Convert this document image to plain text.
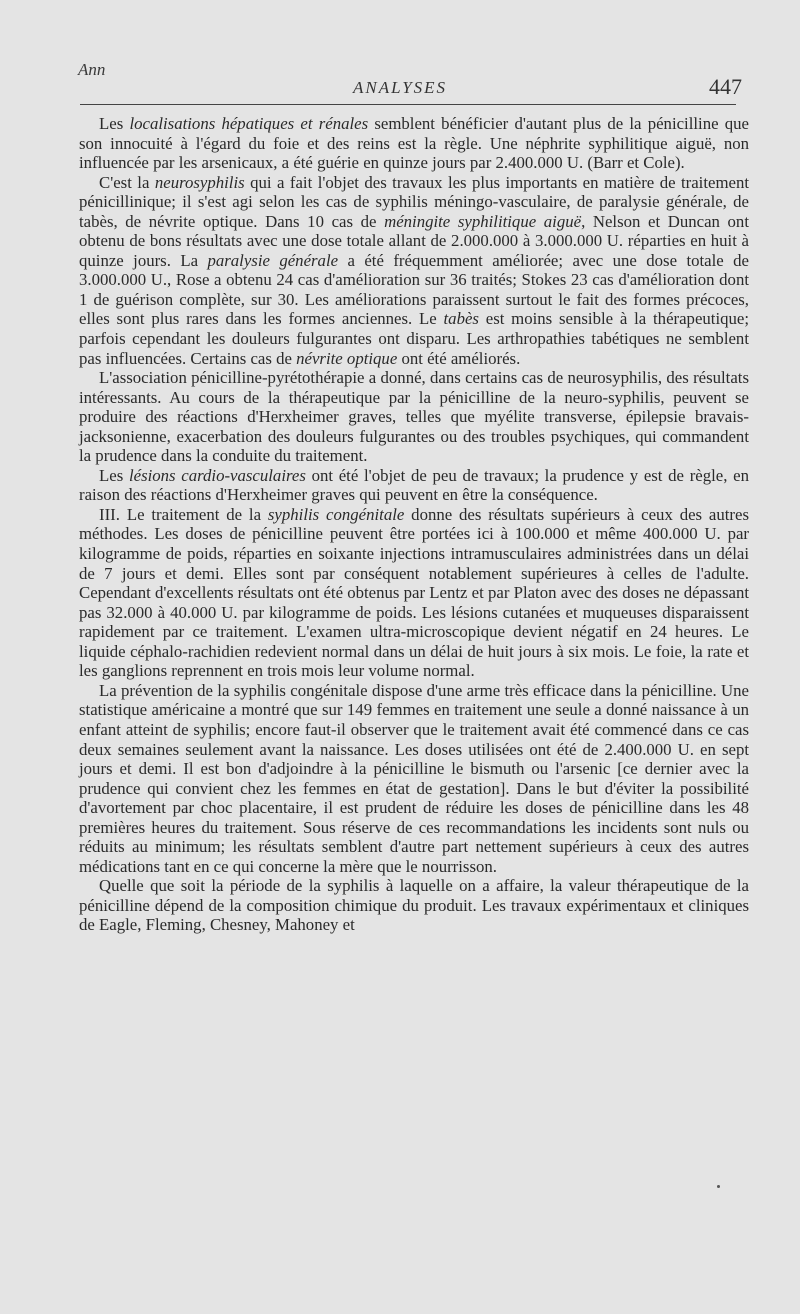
Ann
ANALYSES	447

Les localisations hépatiques et rénales semblent bénéficier d'autant plus de la pénicilline que son innocuité à l'égard du foie et des reins est la règle. Une néphrite syphilitique aiguë, non influencée par les arsenicaux, a été guérie en quinze jours par 2.400.000 U. (Barr et Cole).

C'est la neurosyphilis qui a fait l'objet des travaux les plus importants en matière de traitement pénicillinique; il s'est agi selon les cas de syphilis méningo-vasculaire, de paralysie générale, de tabès, de névrite optique. Dans 10 cas de méningite syphilitique aiguë, Nelson et Duncan ont obtenu de bons résultats avec une dose totale allant de 2.000.000 à 3.000.000 U. réparties en huit à quinze jours. La paralysie générale a été fréquemment améliorée; avec une dose totale de 3.000.000 U., Rose a obtenu 24 cas d'amélioration sur 36 traités; Stokes 23 cas d'amélioration dont 1 de guérison complète, sur 30. Les améliorations paraissent surtout le fait des formes précoces, elles sont plus rares dans les formes anciennes. Le tabès est moins sensible à la thérapeutique; parfois cependant les douleurs fulgurantes ont disparu. Les arthropathies tabétiques ne semblent pas influencées. Certains cas de névrite optique ont été améliorés.

L'association pénicilline-pyrétothérapie a donné, dans certains cas de neurosyphilis, des résultats intéressants. Au cours de la thérapeutique par la pénicilline de la neuro-syphilis, peuvent se produire des réactions d'Herxheimer graves, telles que myélite transverse, épilepsie bravais-jacksonienne, exacerbation des douleurs fulgurantes ou des troubles psychiques, qui commandent la prudence dans la conduite du traitement.

Les lésions cardio-vasculaires ont été l'objet de peu de travaux; la prudence y est de règle, en raison des réactions d'Herxheimer graves qui peuvent en être la conséquence.

III. Le traitement de la syphilis congénitale donne des résultats supérieurs à ceux des autres méthodes. Les doses de pénicilline peuvent être portées ici à 100.000 et même 400.000 U. par kilogramme de poids, réparties en soixante injections intramusculaires administrées dans un délai de 7 jours et demi. Elles sont par conséquent notablement supérieures à celles de l'adulte. Cependant d'excellents résultats ont été obtenus par Lentz et par Platon avec des doses ne dépassant pas 32.000 à 40.000 U. par kilogramme de poids. Les lésions cutanées et muqueuses disparaissent rapidement par ce traitement. L'examen ultra-microscopique devient négatif en 24 heures. Le liquide céphalo-rachidien redevient normal dans un délai de huit jours à six mois. Le foie, la rate et les ganglions reprennent en trois mois leur volume normal.

La prévention de la syphilis congénitale dispose d'une arme très efficace dans la pénicilline. Une statistique américaine a montré que sur 149 femmes en traitement une seule a donné naissance à un enfant atteint de syphilis; encore faut-il observer que le traitement avait été commencé dans ce cas deux semaines seulement avant la naissance. Les doses utilisées ont été de 2.400.000 U. en sept jours et demi. Il est bon d'adjoindre à la pénicilline le bismuth ou l'arsenic [ce dernier avec la prudence qui convient chez les femmes en état de gestation]. Dans le but d'éviter la possibilité d'avortement par choc placentaire, il est prudent de réduire les doses de pénicilline dans les 48 premières heures du traitement. Sous réserve de ces recommandations les incidents sont nuls ou réduits au minimum; les résultats semblent d'autre part nettement supérieurs à ceux des autres médications tant en ce qui concerne la mère que le nourrisson.

Quelle que soit la période de la syphilis à laquelle on a affaire, la valeur thérapeutique de la pénicilline dépend de la composition chimique du produit. Les travaux expérimentaux et cliniques de Eagle, Fleming, Chesney, Mahoney et
